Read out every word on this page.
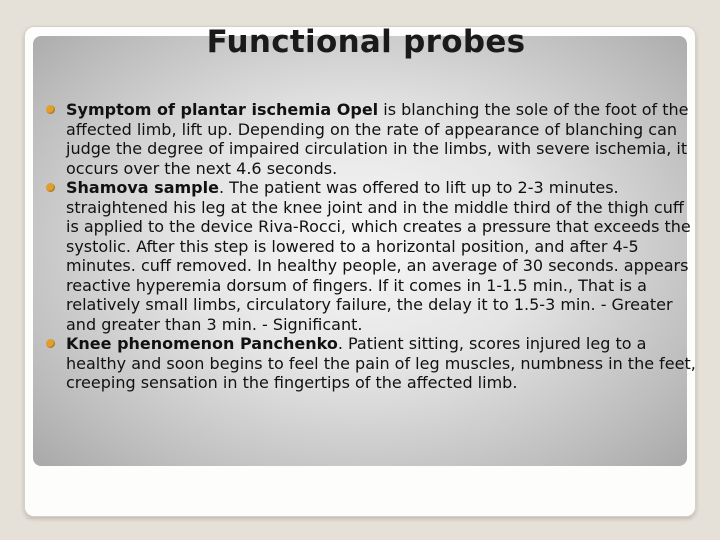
Functional probes
Symptom of plantar ischemia Opel is blanching the sole of the foot of the affected limb, lift up. Depending on the rate of appearance of blanching can judge the degree of impaired circulation in the limbs, with severe ischemia, it occurs over the next 4.6 seconds.
Shamova sample. The patient was offered to lift up to 2-3 minutes. straightened his leg at the knee joint and in the middle third of the thigh cuff is applied to the device Riva-Rocci, which creates a pressure that exceeds the systolic. After this step is lowered to a horizontal position, and after 4-5 minutes. cuff removed. In healthy people, an average of 30 seconds. appears reactive hyperemia dorsum of fingers. If it comes in 1-1.5 min., That is a relatively small limbs, circulatory failure, the delay it to 1.5-3 min. - Greater and greater than 3 min. - Significant.
Knee phenomenon Panchenko. Patient sitting, scores injured leg to a healthy and soon begins to feel the pain of leg muscles, numbness in the feet, creeping sensation in the fingertips of the affected limb.
